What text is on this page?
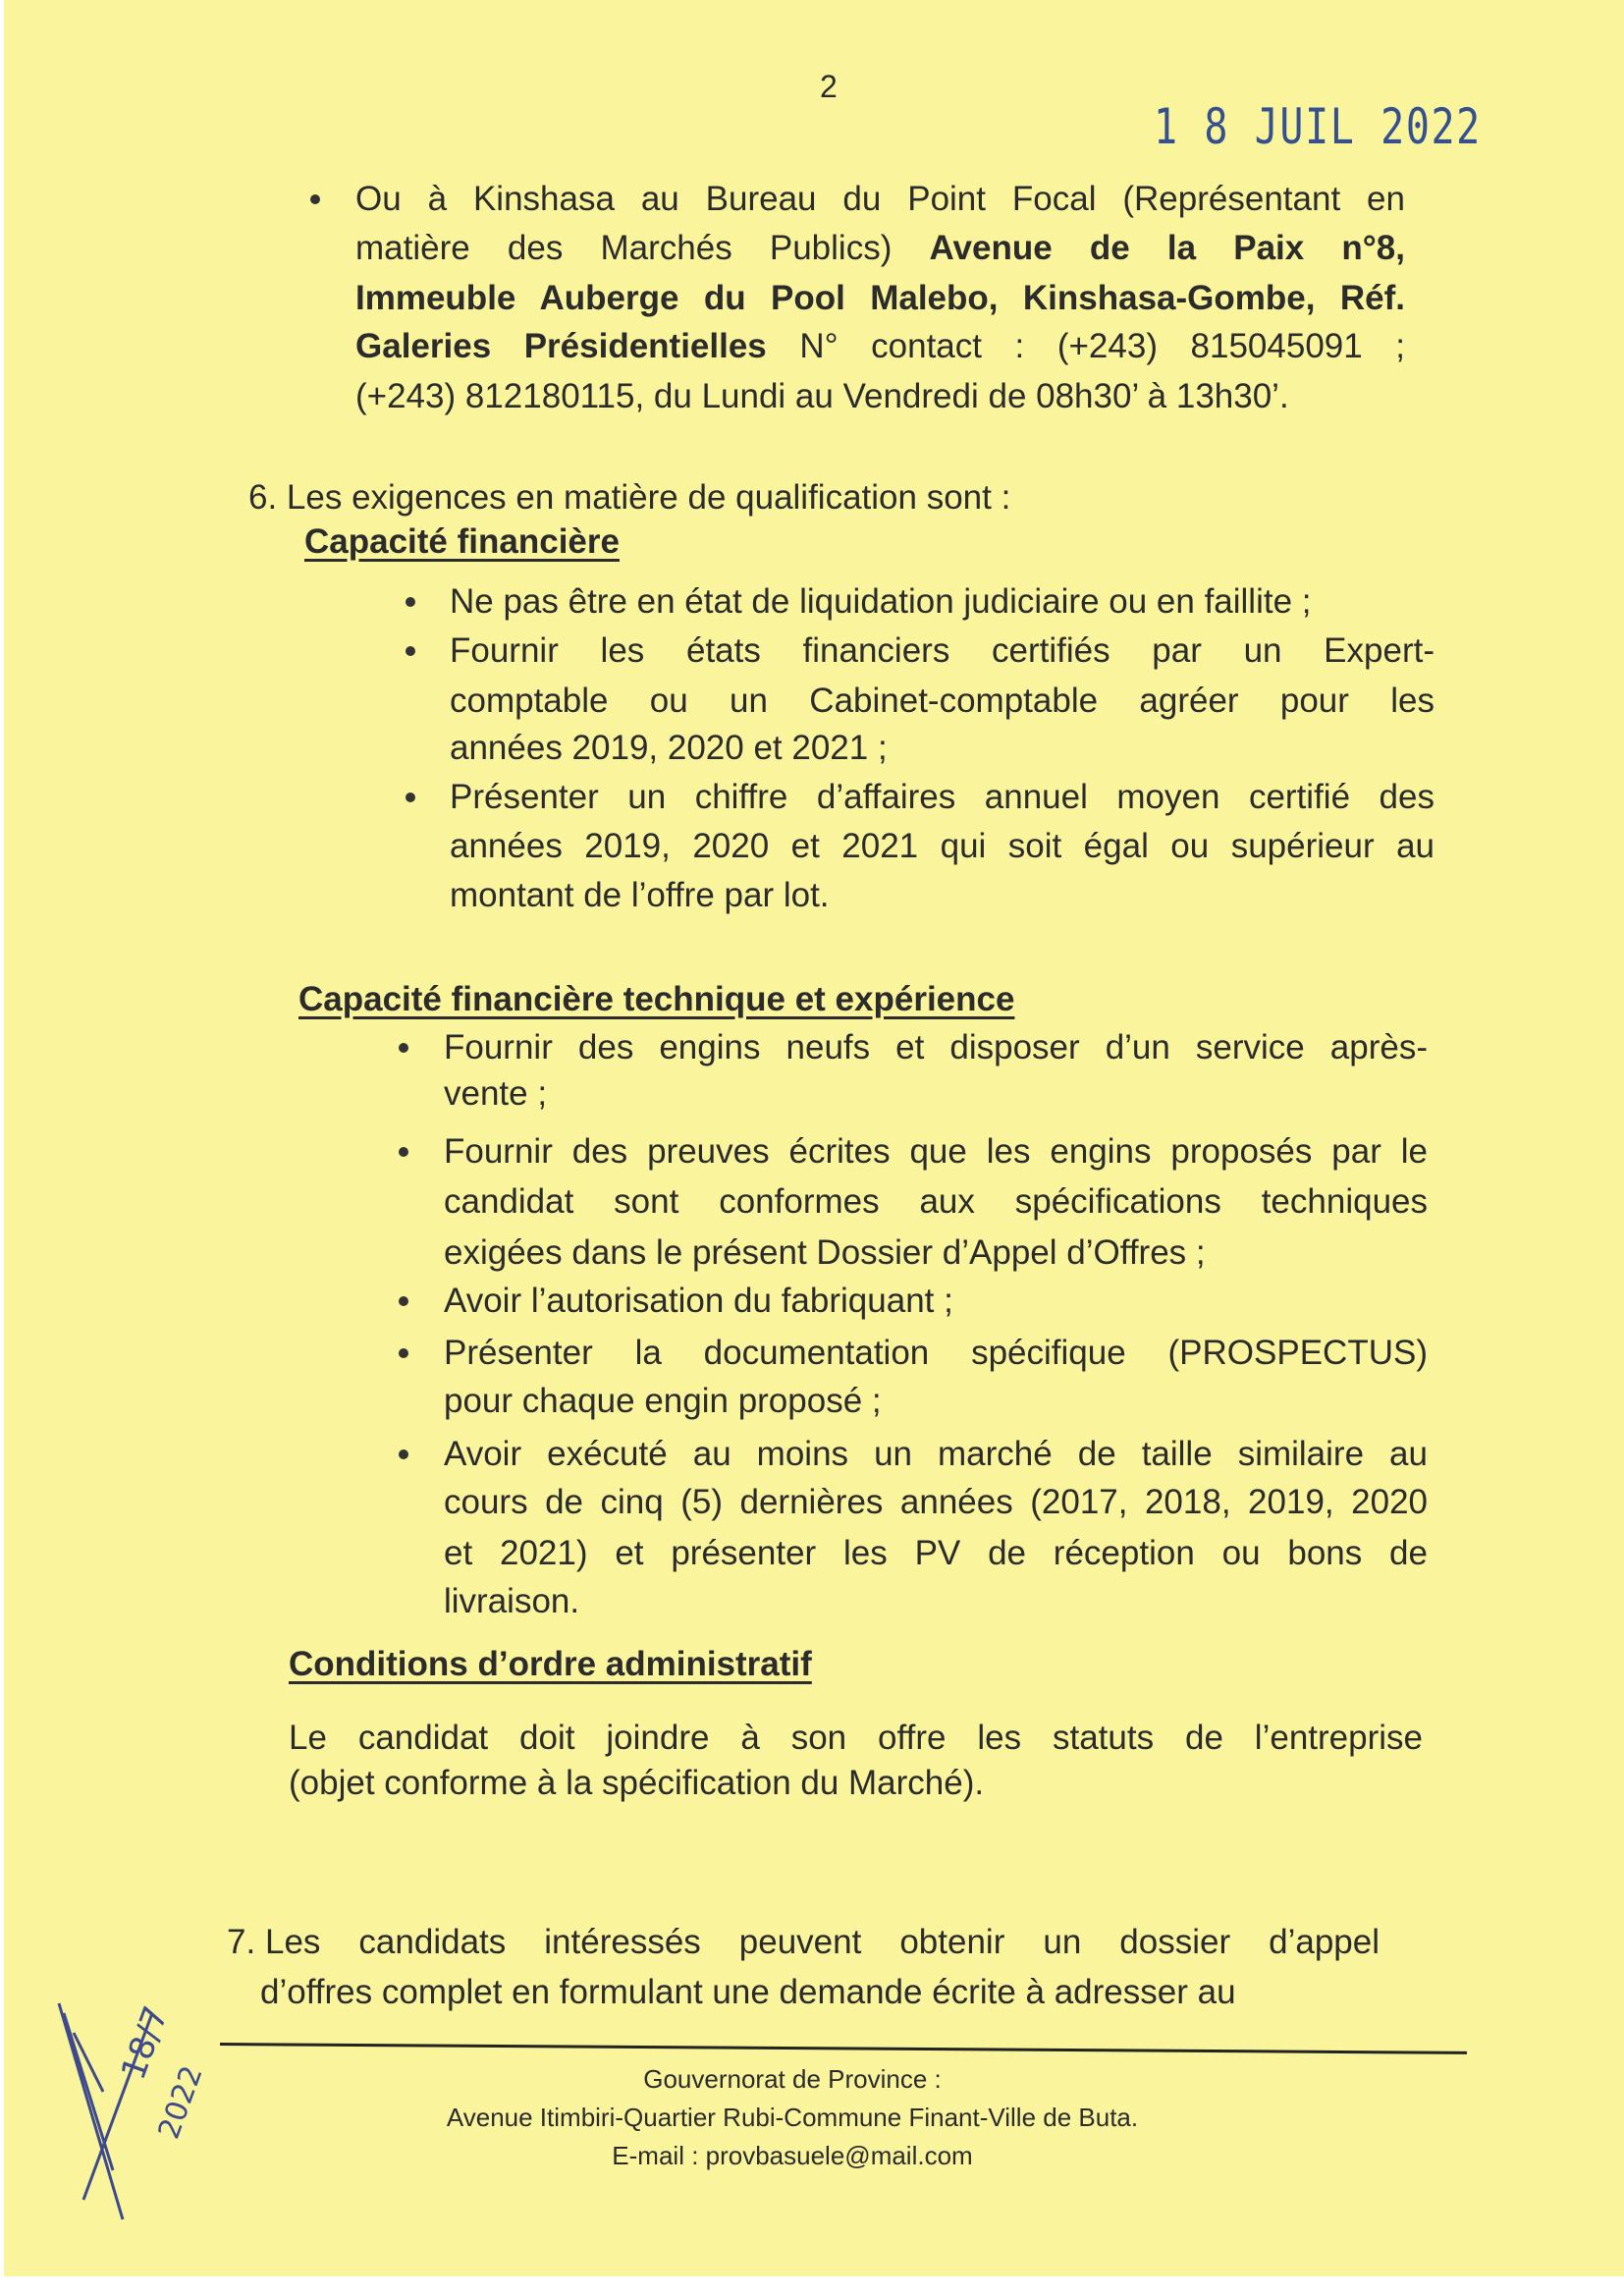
2
1 8 JUIL 2022
Ou à Kinshasa au Bureau du Point Focal (Représentant en
matière des Marchés Publics) Avenue de la Paix n°8,
Immeuble Auberge du Pool Malebo, Kinshasa-Gombe, Réf.
Galeries Présidentielles N° contact : (+243) 815045091 ;
(+243) 812180115, du Lundi au Vendredi de 08h30’ à 13h30’.
Ne pas être en état de liquidation judiciaire ou en faillite ;
Fournir les états financiers certifiés par un Expert-
comptable ou un Cabinet-comptable agréer pour les
années 2019, 2020 et 2021 ;
Présenter un chiffre d’affaires annuel moyen certifié des
années 2019, 2020 et 2021 qui soit égal ou supérieur au
montant de l’offre par lot.
Fournir des engins neufs et disposer d’un service après-
vente ;
Fournir des preuves écrites que les engins proposés par le
candidat sont conformes aux spécifications techniques
exigées dans le présent Dossier d’Appel d’Offres ;
Avoir l’autorisation du fabriquant ;
Présenter la documentation spécifique (PROSPECTUS)
pour chaque engin proposé ;
Avoir exécuté au moins un marché de taille similaire au
cours de cinq (5) dernières années (2017, 2018, 2019, 2020
et 2021) et présenter les PV de réception ou bons de
livraison.
Le candidat doit joindre à son offre les statuts de l’entreprise
(objet conforme à la spécification du Marché).
Les candidats intéressés peuvent obtenir un dossier d’appel
d’offres complet en formulant une demande écrite à adresser au
6. Les exigences en matière de qualification sont :
Capacité financière
Capacité financière technique et expérience
Conditions d’ordre administratif
7.
18/7
2022	Gouvernorat de Province :
Avenue Itimbiri-Quartier Rubi-Commune Finant-Ville de Buta.
E-mail : provbasuele@mail.com
